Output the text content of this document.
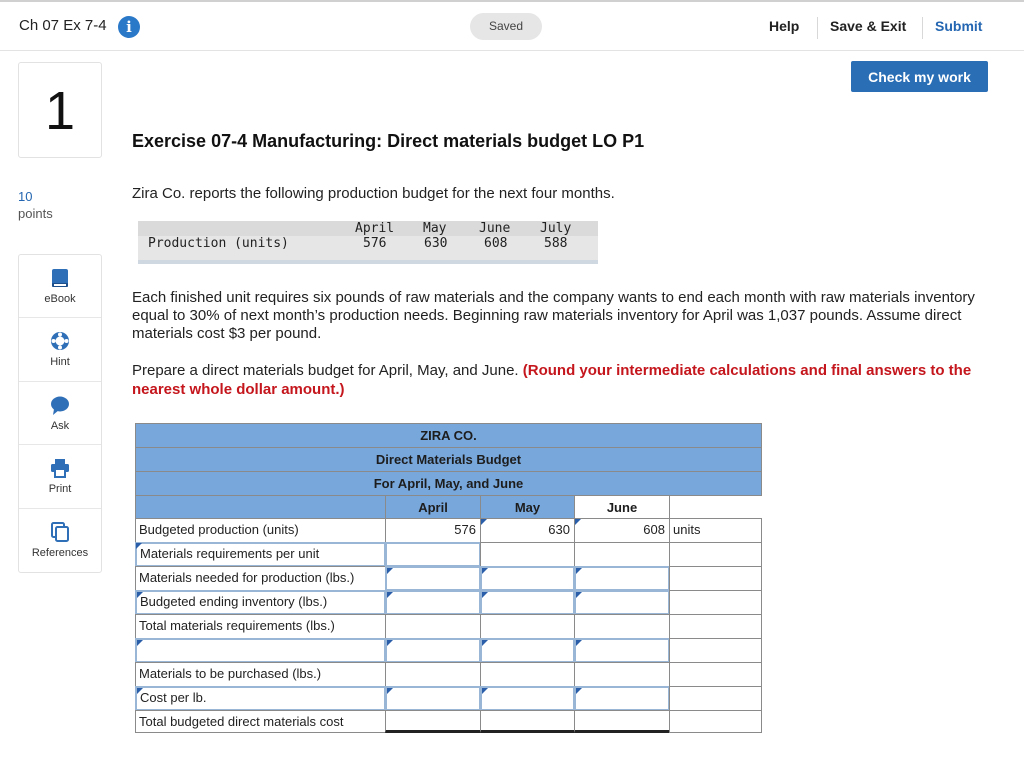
Ch 07 Ex 7-4	i	Saved	Help Save & Exit Submit
1
10
points
eBook
Hint
Ask
Print
References
Check my work
Exercise 07-4 Manufacturing: Direct materials budget LO P1
Zira Co. reports the following production budget for the next four months.
Production (units)
April May	June July
576	630	608	588
Each finished unit requires six pounds of raw materials and the company wants to end each month with raw materials inventory equal to 30% of next month’s production needs. Beginning raw materials inventory for April was 1,037 pounds. Assume direct materials cost $3 per pound.
Prepare a direct materials budget for April, May, and June. (Round your intermediate calculations and final answers to the nearest whole dollar amount.)
ZIRA CO.
Direct Materials Budget
For April, May, and June
April	May	June
Budgeted production (units)	576	630	608 units
Materials requirements per unit
Materials needed for production (lbs.)
Budgeted ending inventory (lbs.)
Total materials requirements (lbs.)
Materials to be purchased (lbs.)
Cost per lb.
Total budgeted direct materials cost
